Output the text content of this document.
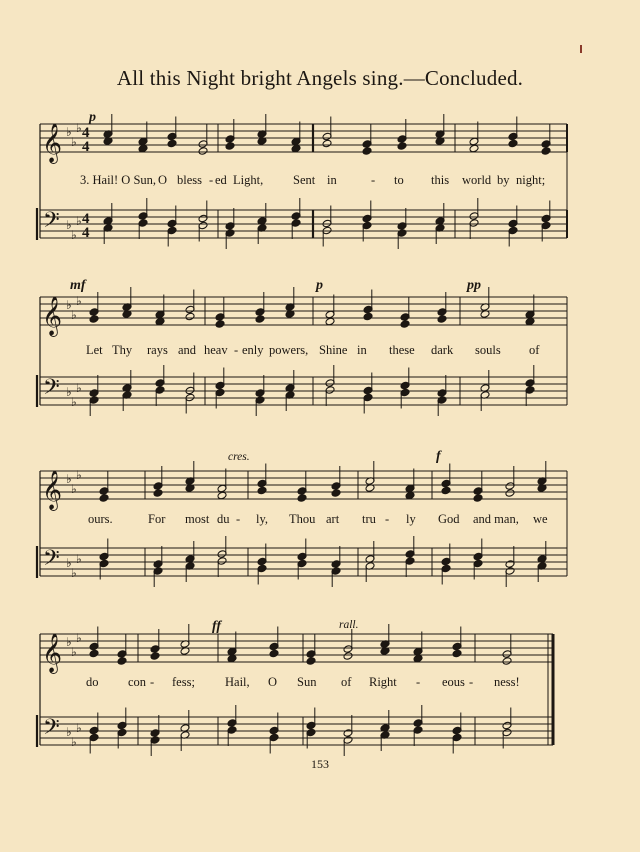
All this Night bright Angels sing.—Concluded.
𝄞
𝄢
♭
♭
♭
♭
♭
♭
4
4
4
4
𝄞
𝄢
♭
♭
♭
♭
♭
♭
𝄞
𝄢
♭
♭
♭
♭
♭
♭
𝄞
𝄢
♭
♭
♭
♭
♭
♭
p
3. Hail! O Sun, O bless - ed Light, Sent in	- to this world by night;
mf	p	pp
Let Thy rays and heav - enly powers, Shine in these dark souls of
cres.	f
ours.	For most du - ly, Thou art tru - ly God and man, we
ff	rall.
do con - fess; Hail, O Sun of Right - eous - ness!
153
